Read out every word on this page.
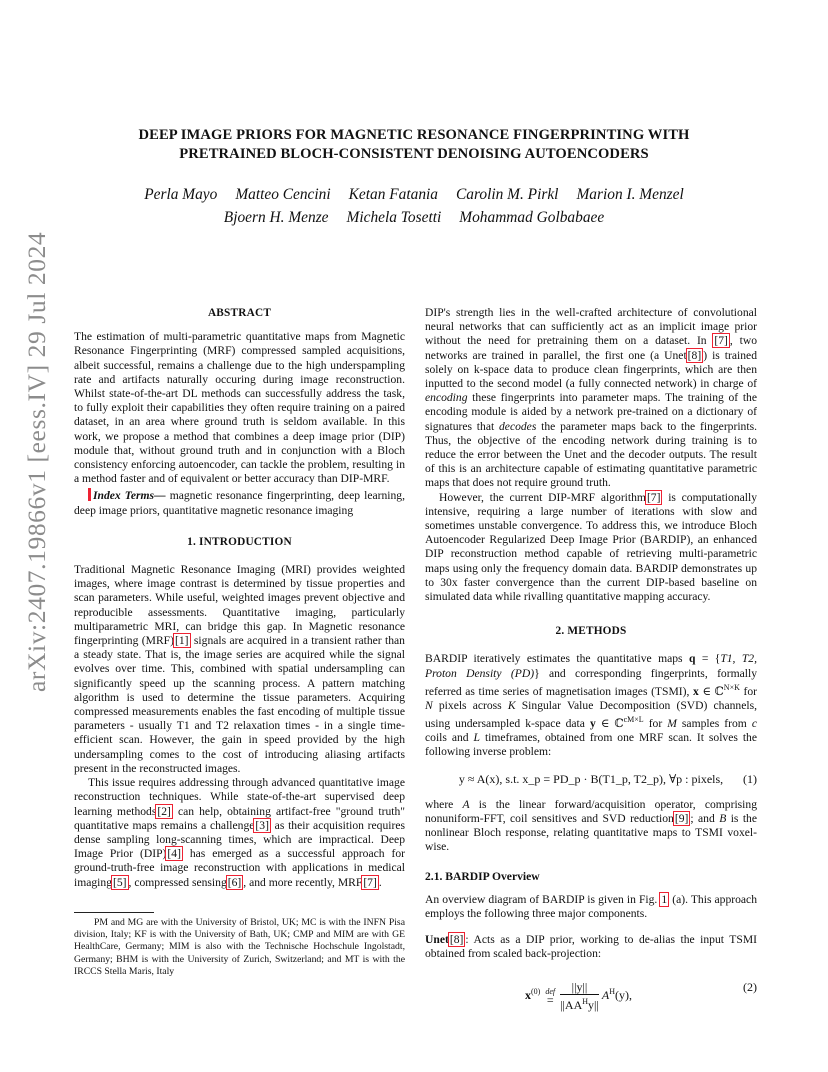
arXiv:2407.19866v1 [eess.IV] 29 Jul 2024
DEEP IMAGE PRIORS FOR MAGNETIC RESONANCE FINGERPRINTING WITH
PRETRAINED BLOCH-CONSISTENT DENOISING AUTOENCODERS
Perla Mayo Matteo Cencini Ketan Fatania Carolin M. Pirkl Marion I. Menzel
Bjoern H. Menze Michela Tosetti Mohammad Golbabaee
ABSTRACT

The estimation of multi-parametric quantitative maps from Magnetic Resonance Fingerprinting (MRF) compressed sampled acquisitions, albeit successful, remains a challenge due to the high underspampling rate and artifacts naturally occuring during image reconstruction. Whilst state-of-the-art DL methods can successfully address the task, to fully exploit their capabilities they often require training on a paired dataset, in an area where ground truth is seldom available. In this work, we propose a method that combines a deep image prior (DIP) module that, without ground truth and in conjunction with a Bloch consistency enforcing autoencoder, can tackle the problem, resulting in a method faster and of equivalent or better accuracy than DIP-MRF.

Index Terms— magnetic resonance fingerprinting, deep learning, deep image priors, quantitative magnetic resonance imaging

1. INTRODUCTION

Traditional Magnetic Resonance Imaging (MRI) provides weighted images, where image contrast is determined by tissue properties and scan parameters. While useful, weighted images prevent objective and reproducible assessments. Quantitative imaging, particularly multiparametric MRI, can bridge this gap. In Magnetic resonance fingerprinting (MRF)[1] signals are acquired in a transient rather than a steady state. That is, the image series are acquired while the signal evolves over time. This, combined with spatial undersampling can significantly speed up the scanning process. A pattern matching algorithm is used to determine the tissue parameters. Acquiring compressed measurements enables the fast encoding of multiple tissue parameters - usually T1 and T2 relaxation times - in a single time-efficient scan. However, the gain in speed provided by the high undersampling comes to the cost of introducing aliasing artifacts present in the reconstructed images.

This issue requires addressing through advanced quantitative image reconstruction techniques. While state-of-the-art supervised deep learning methods[2] can help, obtaining artifact-free "ground truth" quantitative maps remains a challenge[3] as their acquisition requires dense sampling long-scanning times, which are impractical. Deep Image Prior (DIP)[4] has emerged as a successful approach for ground-truth-free image reconstruction with applications in medical imaging[5] , compressed sensing[6] , and more recently, MRF[7] .

PM and MG are with the University of Bristol, UK; MC is with the INFN Pisa division, Italy; KF is with the University of Bath, UK; CMP and MIM are with GE HealthCare, Germany; MIM is also with the Technische Hochschule Ingolstadt, Germany; BHM is with the University of Zurich, Switzerland; and MT is with the IRCCS Stella Maris, Italy

DIP's strength lies in the well-crafted architecture of convolutional neural networks that can sufficiently act as an implicit image prior without the need for pretraining them on a dataset. In [7] , two networks are trained in parallel, the first one (a Unet[8] ) is trained solely on k-space data to produce clean fingerprints, which are then inputted to the second model (a fully connected network) in charge of encoding these fingerprints into parameter maps. The training of the encoding module is aided by a network pre-trained on a dictionary of signatures that decodes the parameter maps back to the fingerprints. Thus, the objective of the encoding network during training is to reduce the error between the Unet and the decoder outputs. The result of this is an architecture capable of estimating quantitative parametric maps that does not require ground truth.

However, the current DIP-MRF algorithm[7] is computationally intensive, requiring a large number of iterations with slow and sometimes unstable convergence. To address this, we introduce Bloch Autoencoder Regularized Deep Image Prior (BARDIP), an enhanced DIP reconstruction method capable of retrieving multi-parametric maps using only the frequency domain data. BARDIP demonstrates up to 30x faster convergence than the current DIP-based baseline on simulated data while rivalling quantitative mapping accuracy.

2. METHODS

BARDIP iteratively estimates the quantitative maps q = {T1, T2, Proton Density (PD)} and corresponding fingerprints, formally referred as time series of magnetisation images (TSMI), x ∈ ℂ$^{N\times K}$ for N pixels across K Singular Value Decomposition (SVD) channels, using undersampled k-space data y ∈ ℂ$^{cM\times L}$ for M samples from c coils and L timeframes, obtained from one MRF scan. It solves the following inverse problem:

y ≈ A(x), s.t. x_p = PD_p · B(T1_p, T2_p), ∀p : pixels, (1)

where A is the linear forward/acquisition operator, comprising nonuniform-FFT, coil sensitives and SVD reduction[9] ; and B is the nonlinear Bloch response, relating quantitative maps to TSMI voxel-wise.

2.1. BARDIP Overview

An overview diagram of BARDIP is given in Fig. 1 (a). This approach employs the following three major components.

Unet[8] : Acts as a DIP prior, working to de-alias the input TSMI obtained from scaled back-projection:

$x^{(0)}$ def
=

||y||
$||AA^Hy||$
$A^H(y)$,
(2)
